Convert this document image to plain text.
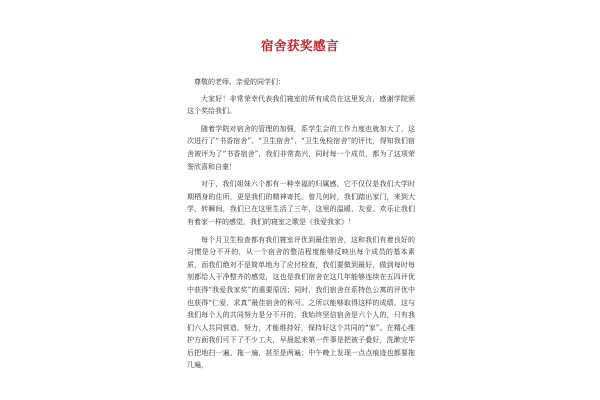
宿舍获奖感言

尊敬的老师、亲爱的同学们：

大家好！非常荣幸代表我们寝室的所有成员在这里发言，感谢学院颁这个奖给我们。

随着学院对宿舍的管理的加强，系学生会的工作力度也就加大了，这次进行了“书香宿舍”、“卫生宿舍”、“卫生免检宿舍”的评比，得知我们宿舍被评为了“书香宿舍”，我们非常高兴，同时每一个成员，都为了这项荣誉欣喜和自豪！

对于，我们姐妹六个都有一种幸福的归属感，它不仅仅是我们大学时期栖身的住所，更是我们的精神寄托。曾几何时，我们踏出家门，来到大学，转瞬间，我们已在这里生活了三年，这里的温暖、友爱、欢乐让我们有着家一样的感觉，我们的寝室之歌是《我爱我家》！

每个月卫生检查都有我们寝室评优到最佳宿舍，这和我们有着良好的习惯是分不开的，从一个宿舍的整洁程度能够反映出每个成员的基本素质，而我们绝对不是简单地为了应付检查，我们要做到最好，做到每时每刻都给人干净整齐的感觉，这也是我们宿舍在这几年能够连续在五四评优中获得“我爱我家奖”的重要原因；同时，我们宿舍在系特色公寓的评优中也获得“仁爱、求真”最佳宿舍的称号。之所以能够取得这样的成绩，这与我们每个人的共同努力是分不开的，我始终坚信宿舍是六个人的，只有我们六人共同营造，努力，才能维持好，保持好这个共同的“家”。在精心维护方面我们可下了不少工夫，早晨起来第一件事是把被子叠好，洗漱完毕后把地扫一遍、拖一遍，甚至是两遍；中午晚上发现一点点痕迹也都要拖几遍，
